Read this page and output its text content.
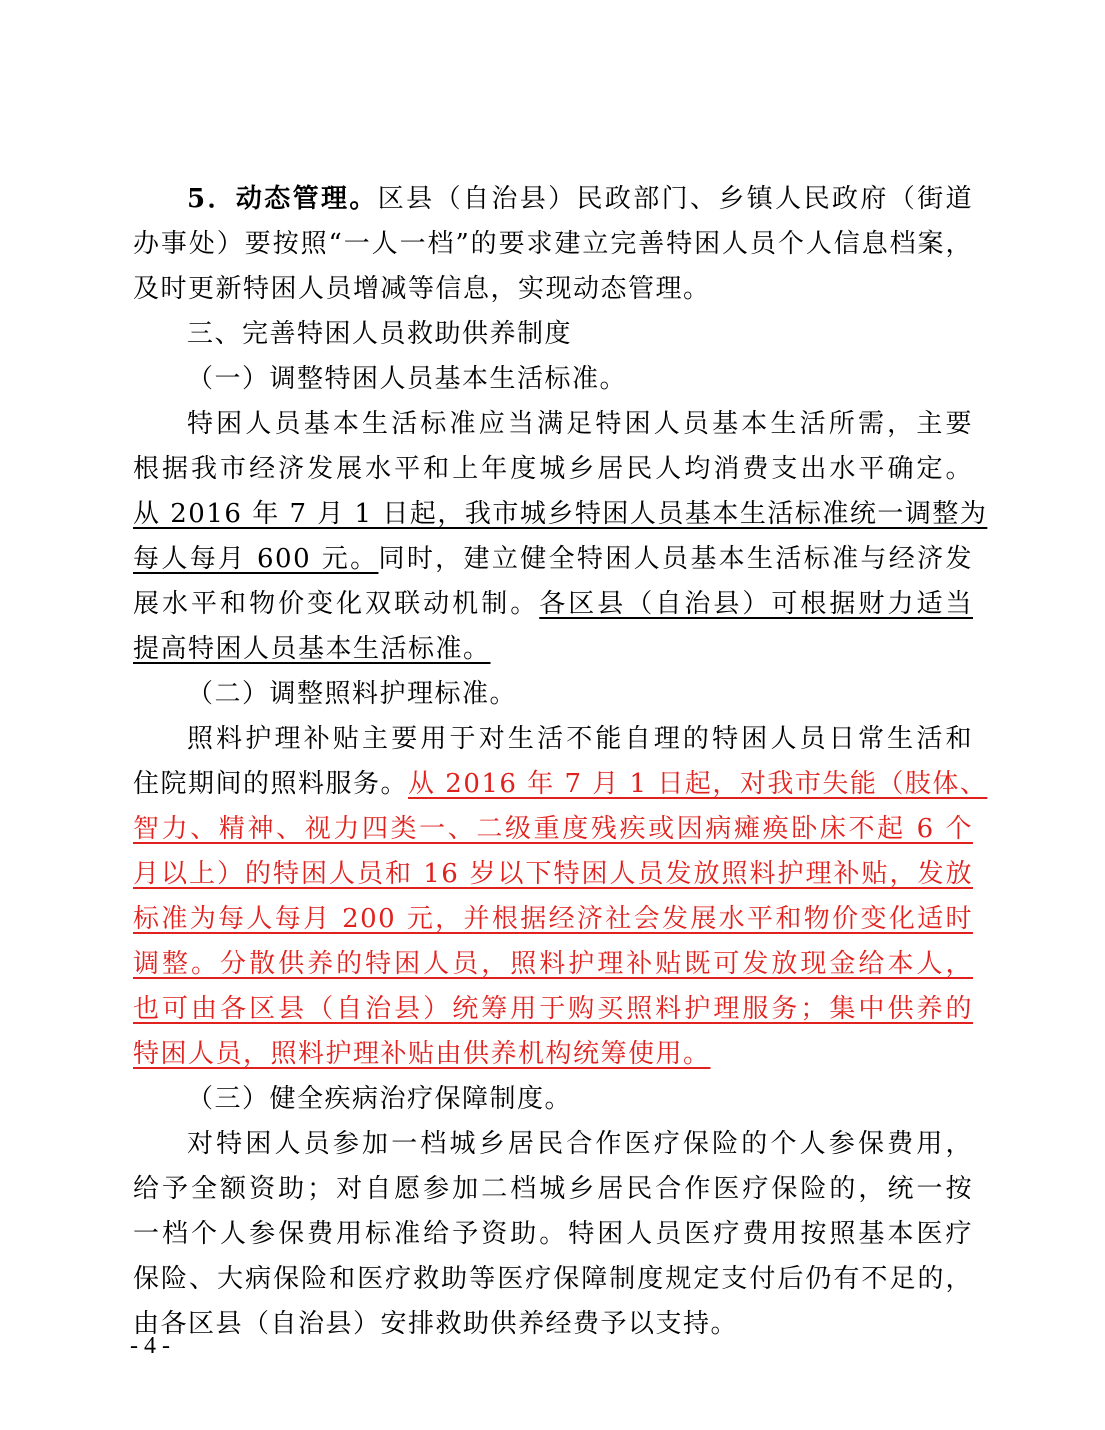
5．动态管理。区县（自治县）民政部门、乡镇人民政府（街道
办事处）要按照“一人一档”的要求建立完善特困人员个人信息档案，
及时更新特困人员增减等信息，实现动态管理。
三、完善特困人员救助供养制度
（一）调整特困人员基本生活标准。
特困人员基本生活标准应当满足特困人员基本生活所需，主要
根据我市经济发展水平和上年度城乡居民人均消费支出水平确定。
从 2016 年 7 月 1 日起，我市城乡特困人员基本生活标准统一调整为
每人每月 600 元。同时，建立健全特困人员基本生活标准与经济发
展水平和物价变化双联动机制。各区县（自治县）可根据财力适当
提高特困人员基本生活标准。
（二）调整照料护理标准。
照料护理补贴主要用于对生活不能自理的特困人员日常生活和
住院期间的照料服务。从 2016 年 7 月 1 日起，对我市失能（肢体、
智力、精神、视力四类一、二级重度残疾或因病瘫痪卧床不起 6 个
月以上）的特困人员和 16 岁以下特困人员发放照料护理补贴，发放
标准为每人每月 200 元，并根据经济社会发展水平和物价变化适时
调整。分散供养的特困人员，照料护理补贴既可发放现金给本人，
也可由各区县（自治县）统筹用于购买照料护理服务；集中供养的
特困人员，照料护理补贴由供养机构统筹使用。
（三）健全疾病治疗保障制度。
对特困人员参加一档城乡居民合作医疗保险的个人参保费用，
给予全额资助；对自愿参加二档城乡居民合作医疗保险的，统一按
一档个人参保费用标准给予资助。特困人员医疗费用按照基本医疗
保险、大病保险和医疗救助等医疗保障制度规定支付后仍有不足的，
由各区县（自治县）安排救助供养经费予以支持。
- 4 -
